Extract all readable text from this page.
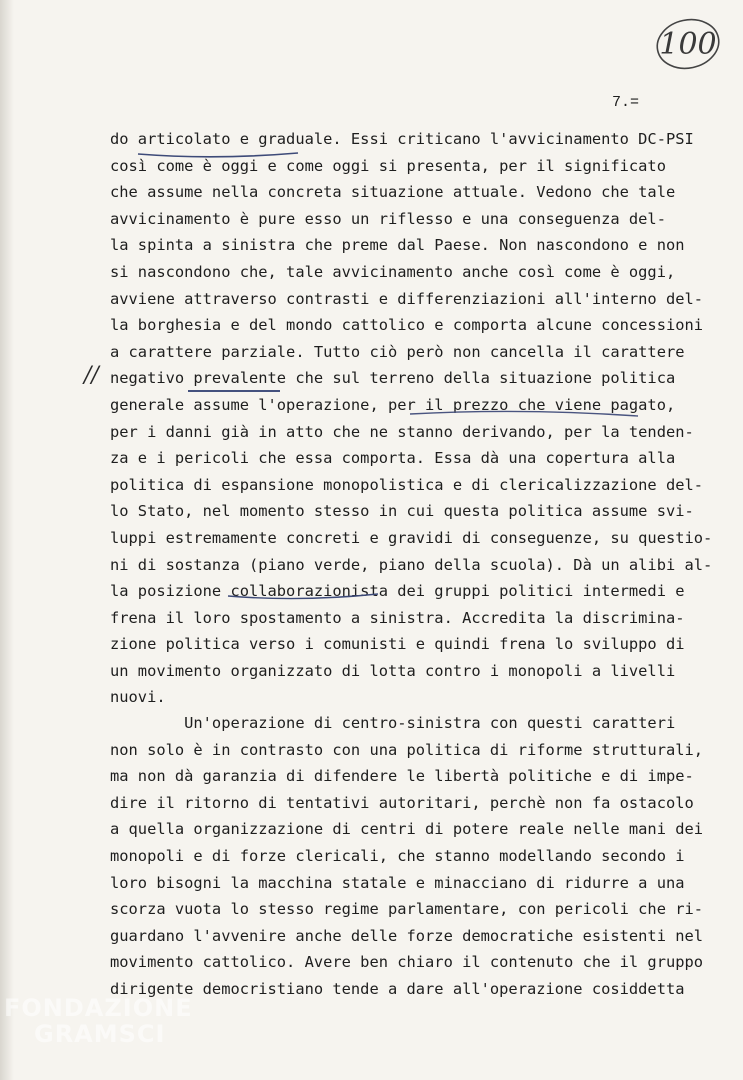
100
7.=
//
do articolato e graduale. Essi criticano l'avvicinamento DC-PSI
così come è oggi e come oggi si presenta, per il significato
che assume nella concreta situazione attuale. Vedono che tale
avvicinamento è pure esso un riflesso e una conseguenza del-
la spinta a sinistra che preme dal Paese. Non nascondono e non
si nascondono che, tale avvicinamento anche così come è oggi,
avviene attraverso contrasti e differenziazioni all'interno del-
la borghesia e del mondo cattolico e comporta alcune concessioni
a carattere parziale. Tutto ciò però non cancella il carattere
negativo prevalente che sul terreno della situazione politica
generale assume l'operazione, per il prezzo che viene pagato,
per i danni già in atto che ne stanno derivando, per la tenden-
za e i pericoli che essa comporta. Essa dà una copertura alla
politica di espansione monopolistica e di clericalizzazione del-
lo Stato, nel momento stesso in cui questa politica assume svi-
luppi estremamente concreti e gravidi di conseguenze, su questio-
ni di sostanza (piano verde, piano della scuola). Dà un alibi al-
la posizione collaborazionista dei gruppi politici intermedi e
frena il loro spostamento a sinistra. Accredita la discrimina-
zione politica verso i comunisti e quindi frena lo sviluppo di
un movimento organizzato di lotta contro i monopoli a livelli
nuovi.
Un'operazione di centro-sinistra con questi caratteri
non solo è in contrasto con una politica di riforme strutturali,
ma non dà garanzia di difendere le libertà politiche e di impe-
dire il ritorno di tentativi autoritari, perchè non fa ostacolo
a quella organizzazione di centri di potere reale nelle mani dei
monopoli e di forze clericali, che stanno modellando secondo i
loro bisogni la macchina statale e minacciano di ridurre a una
scorza vuota lo stesso regime parlamentare, con pericoli che ri-
guardano l'avvenire anche delle forze democratiche esistenti nel
movimento cattolico. Avere ben chiaro il contenuto che il gruppo
dirigente democristiano tende a dare all'operazione cosiddetta
FONDAZIONE
GRAMSCI
